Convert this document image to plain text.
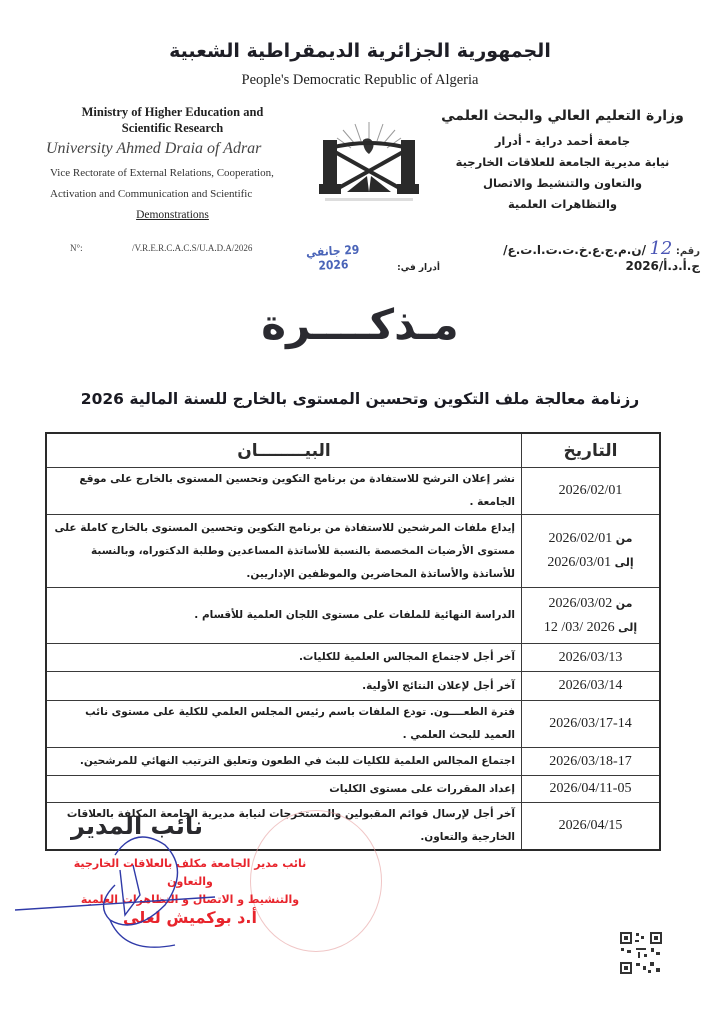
الجمهورية الجزائرية الديمقراطية الشعبية
People's Democratic Republic of Algeria
Ministry of Higher Education and
Scientific Research
University Ahmed Draia of Adrar
Vice Rectorate of External Relations, Cooperation,
Activation and Communication and Scientific
Demonstrations
N°:	/V.R.E.R.C.A.C.S/U.A.D.A/2026
وزارة التعليم العالي والبحث العلمي
جامعة أحمد دراية - أدرار
نيابة مديرية الجامعة للعلاقات الخارجية
والتعاون والتنشيط والاتصال
والتظاهرات العلمية
رقم: 12 /ن.م.ج.ع.خ.ت.ت.ا.ت.ع/ج.أ.د.أ/2026
أدرار في:
29 جانفي 2026
مـذكــــرة
رزنامة معالجة ملف التكوين وتحسين المستوى بالخارج للسنة المالية 2026
التاريخ	البيــــــــان
2026/02/01	نشر إعلان الترشح للاستفادة من برنامج التكوين وتحسين المستوى بالخارج على موقع الجامعة .

من 2026/02/01
إلى 2026/03/01	إيداع ملفات المرشحين للاستفادة من برنامج التكوين وتحسين المستوى بالخارج كاملة على مستوى الأرضيات المخصصة بالنسبة للأساتذة المساعدين وطلبة الدكتوراه، وبالنسبة للأساتذة والأساتذة المحاضرين والموظفين الإداريين.

من 2026/03/02
إلى 2026 /03/ 12	الدراسة النهائية للملفات على مستوى اللجان العلمية للأقسام .
2026/03/13	آخر أجل لاجتماع المجالس العلمية للكليات.
2026/03/14	آخر أجل لإعلان النتائج الأولية.
2026/03/17-14	فترة الطعــــون. تودع الملفات باسم رئيس المجلس العلمي للكلية على مستوى نائب العميد للبحث العلمي .
2026/03/18-17	اجتماع المجالس العلمية للكليات للبث في الطعون وتعليق الترتيب النهائي للمرشحين.
2026/04/11-05	إعداد المقررات على مستوى الكليات
2026/04/15	آخر أجل لإرسال قوائم المقبولين والمستخرجات لنيابة مديرية الجامعة المكلفة بالعلاقات الخارجية والتعاون.
نائب المدير
نائب مدير الجامعة مكلف بالعلاقات الخارجية والتعاون
والتنشيط و الاتصال و التظاهرات العلمية
أ.د بوكميش لعلى
